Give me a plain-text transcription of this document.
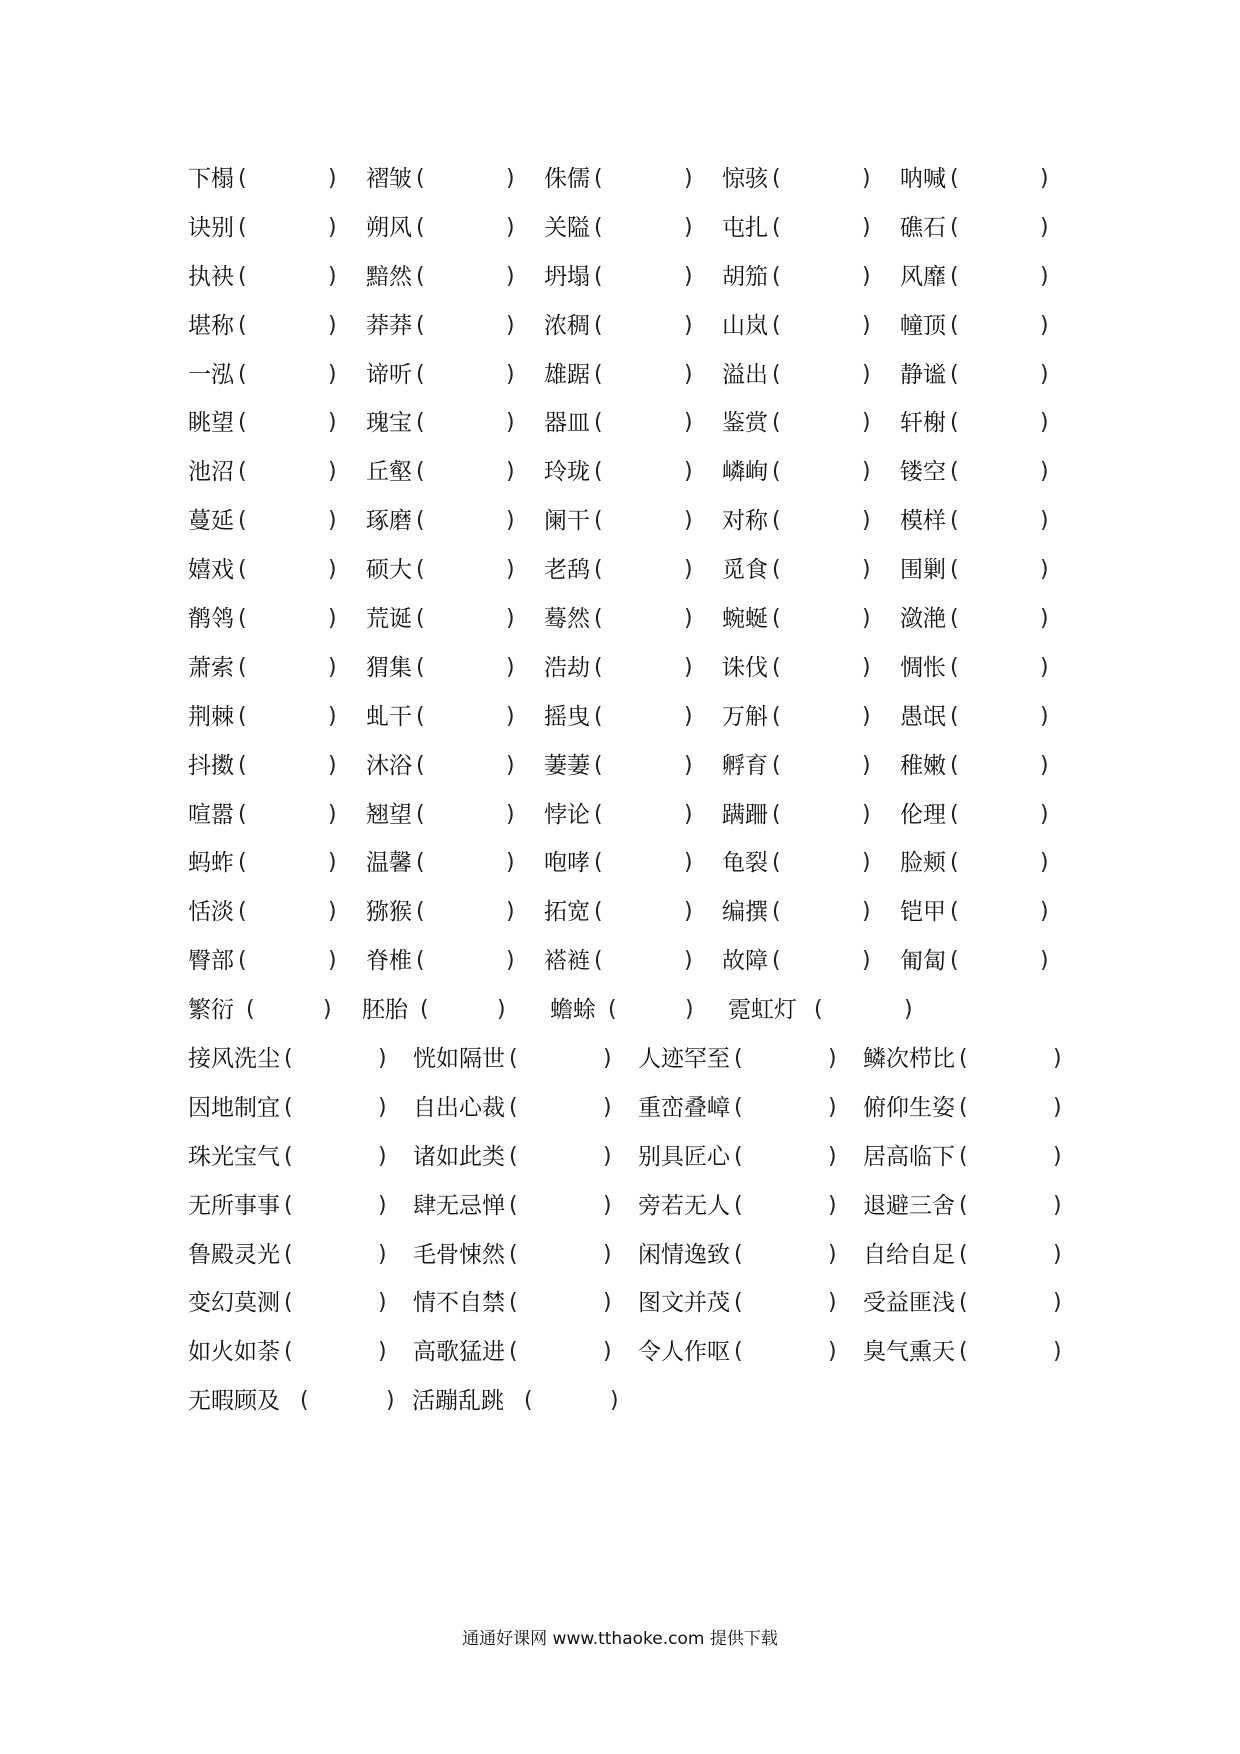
下榻 (	) 褶皱 (	) 侏儒 (	) 惊骇 (	) 呐喊 (	)
诀别 (	) 朔风 (	) 关隘 (	) 屯扎 (	) 礁石 (	)
执袂 (	) 黯然 (	) 坍塌 (	) 胡笳 (	) 风靡 (	)
堪称 (	) 莽莽 (	) 浓稠 (	) 山岚 (	) 幢顶 (	)
一泓 (	) 谛听 (	) 雄踞 (	) 溢出 (	) 静谧 (	)
眺望 (	) 瑰宝 (	) 器皿 (	) 鉴赏 (	) 轩榭 (	)
池沼 (	) 丘壑 (	) 玲珑 (	) 嶙峋 (	) 镂空 (	)
蔓延 (	) 琢磨 (	) 阑干 (	) 对称 (	) 模样 (	)
嬉戏 (	) 硕大 (	) 老鸹 (	) 觅食 (	) 围剿 (	)
鹡鸰 (	) 荒诞 (	) 蓦然 (	) 蜿蜒 (	) 潋滟 (	)
萧索 (	) 猬集 (	) 浩劫 (	) 诛伐 (	) 惆怅 (	)
荆棘 (	) 虬干 (	) 摇曳 (	) 万斛 (	) 愚氓 (	)
抖擞 (	) 沐浴 (	) 萋萋 (	) 孵育 (	) 稚嫩 (	)
喧嚣 (	) 翘望 (	) 悖论 (	) 蹒跚 (	) 伦理 (	)
蚂蚱 (	) 温馨 (	) 咆哮 (	) 龟裂 (	) 脸颊 (	)
恬淡 (	) 猕猴 (	) 拓宽 (	) 编撰 (	) 铠甲 (	)
臀部 (	) 脊椎 (	) 褡裢 (	) 故障 (	) 匍匐 (	)
繁衍 (	) 胚胎 (	) 蟾蜍 (	) 霓虹灯 (	)
接风洗尘 (	) 恍如隔世 (	) 人迹罕至 (	) 鳞次栉比 (	)
因地制宜 (	) 自出心裁 (	) 重峦叠嶂 (	) 俯仰生姿 (	)
珠光宝气 (	) 诸如此类 (	) 别具匠心 (	) 居高临下 (	)
无所事事 (	) 肆无忌惮 (	) 旁若无人 (	) 退避三舍 (	)
鲁殿灵光 (	) 毛骨悚然 (	) 闲情逸致 (	) 自给自足 (	)
变幻莫测 (	) 情不自禁 (	) 图文并茂 (	) 受益匪浅 (	)
如火如荼 (	) 高歌猛进 (	) 令人作呕 (	) 臭气熏天 (	)
无暇顾及 (	) 活蹦乱跳 (	)
通通好课网 www.tthaoke.com 提供下载
